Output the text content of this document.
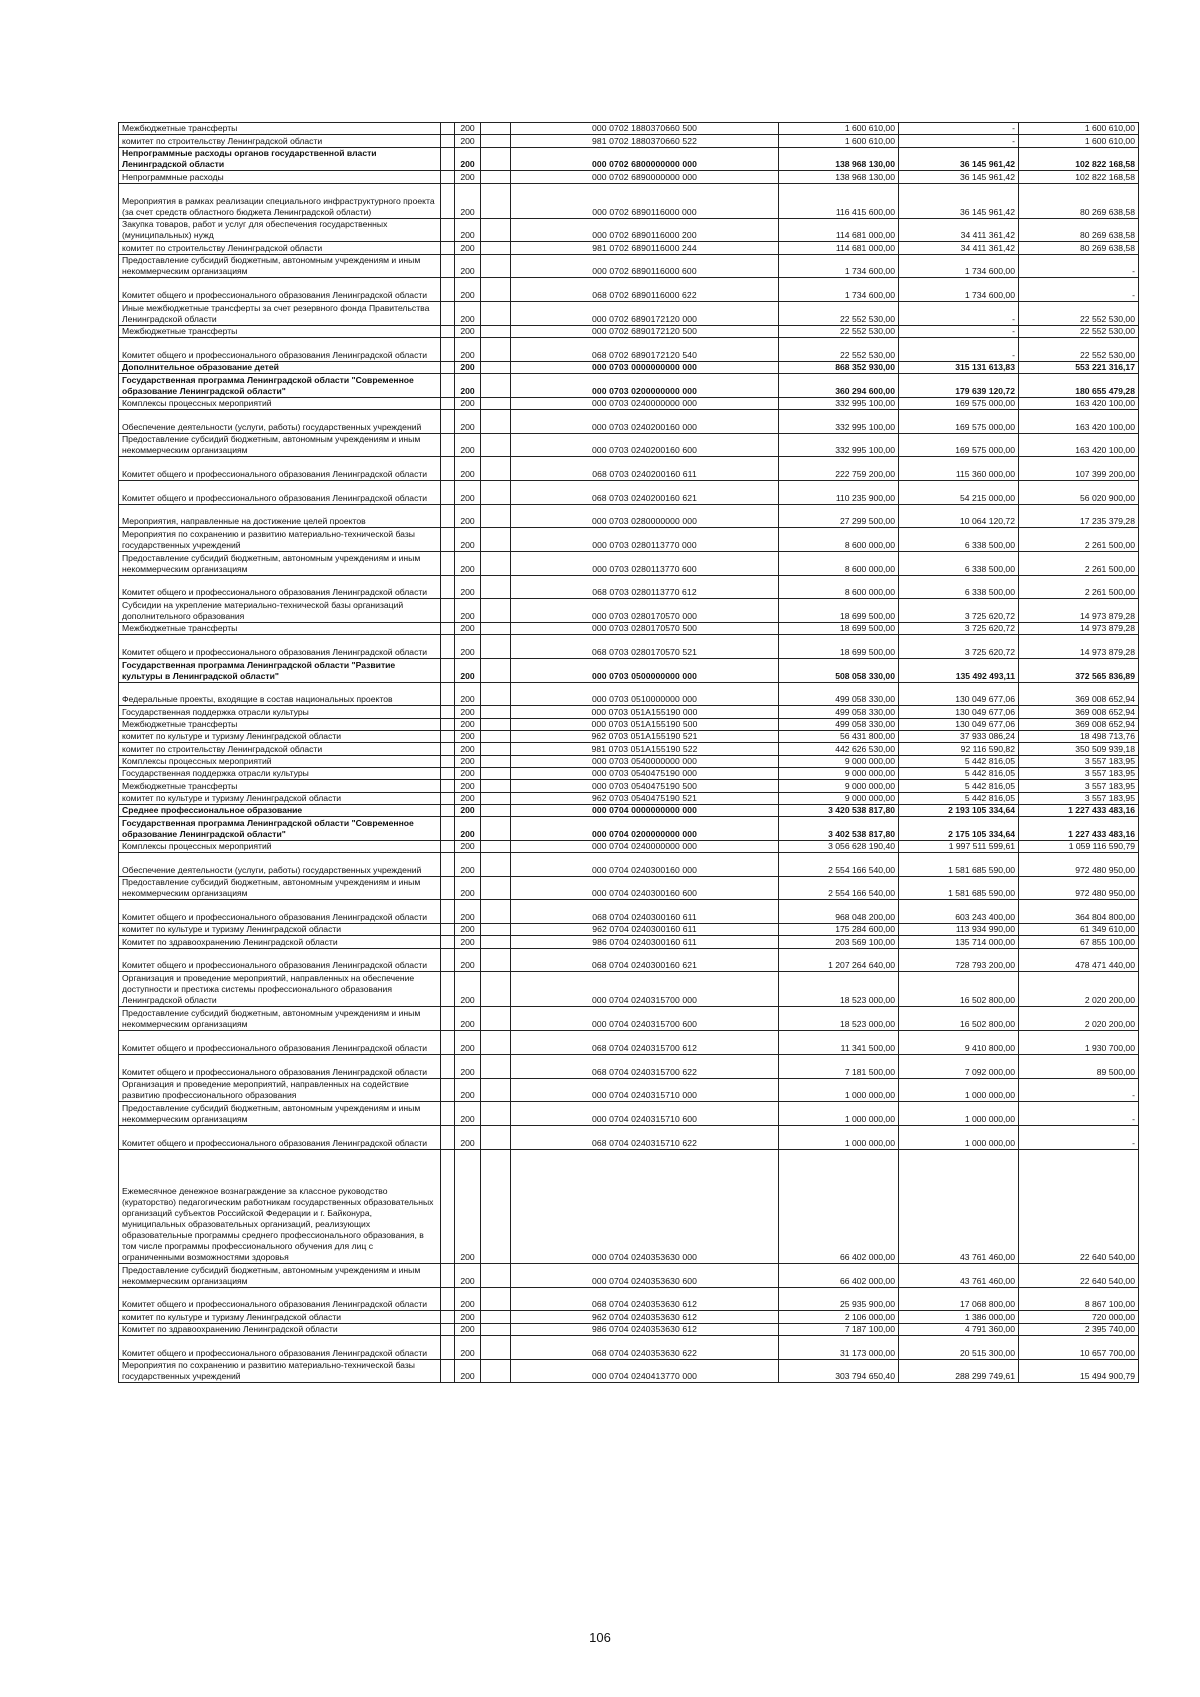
Межбюджетные трансферты		200		000 0702 1880370660 500	1 600 610,00	-	1 600 610,00
комитет по строительству Ленинградской области		200		981 0702 1880370660 522	1 600 610,00	-	1 600 610,00
Непрограммные расходы органов государственной власти Ленинградской области		200		000 0702 6800000000 000	138 968 130,00	36 145 961,42	102 822 168,58
Непрограммные расходы		200		000 0702 6890000000 000	138 968 130,00	36 145 961,42	102 822 168,58
Мероприятия в рамках реализации специального инфраструктурного проекта (за счет средств областного бюджета Ленинградской области)		200		000 0702 6890116000 000	116 415 600,00	36 145 961,42	80 269 638,58
Закупка товаров, работ и услуг для обеспечения государственных (муниципальных) нужд		200		000 0702 6890116000 200	114 681 000,00	34 411 361,42	80 269 638,58
комитет по строительству Ленинградской области		200		981 0702 6890116000 244	114 681 000,00	34 411 361,42	80 269 638,58
Предоставление субсидий бюджетным, автономным учреждениям и иным некоммерческим организациям		200		000 0702 6890116000 600	1 734 600,00	1 734 600,00	-
Комитет общего и профессионального образования Ленинградской области		200		068 0702 6890116000 622	1 734 600,00	1 734 600,00	-
Иные межбюджетные трансферты за счет резервного фонда Правительства Ленинградской области		200		000 0702 6890172120 000	22 552 530,00	-	22 552 530,00
Межбюджетные трансферты		200		000 0702 6890172120 500	22 552 530,00	-	22 552 530,00
Комитет общего и профессионального образования Ленинградской области		200		068 0702 6890172120 540	22 552 530,00	-	22 552 530,00
Дополнительное образование детей		200		000 0703 0000000000 000	868 352 930,00	315 131 613,83	553 221 316,17
Государственная программа Ленинградской области "Современное образование Ленинградской области"		200		000 0703 0200000000 000	360 294 600,00	179 639 120,72	180 655 479,28
Комплексы процессных мероприятий		200		000 0703 0240000000 000	332 995 100,00	169 575 000,00	163 420 100,00
Обеспечение деятельности (услуги, работы) государственных учреждений		200		000 0703 0240200160 000	332 995 100,00	169 575 000,00	163 420 100,00
Предоставление субсидий бюджетным, автономным учреждениям и иным некоммерческим организациям		200		000 0703 0240200160 600	332 995 100,00	169 575 000,00	163 420 100,00
Комитет общего и профессионального образования Ленинградской области		200		068 0703 0240200160 611	222 759 200,00	115 360 000,00	107 399 200,00
Комитет общего и профессионального образования Ленинградской области		200		068 0703 0240200160 621	110 235 900,00	54 215 000,00	56 020 900,00
Мероприятия, направленные на достижение целей проектов		200		000 0703 0280000000 000	27 299 500,00	10 064 120,72	17 235 379,28
Мероприятия по сохранению и развитию материально-технической базы государственных учреждений		200		000 0703 0280113770 000	8 600 000,00	6 338 500,00	2 261 500,00
Предоставление субсидий бюджетным, автономным учреждениям и иным некоммерческим организациям		200		000 0703 0280113770 600	8 600 000,00	6 338 500,00	2 261 500,00
Комитет общего и профессионального образования Ленинградской области		200		068 0703 0280113770 612	8 600 000,00	6 338 500,00	2 261 500,00
Субсидии на укрепление материально-технической базы организаций дополнительного образования		200		000 0703 0280170570 000	18 699 500,00	3 725 620,72	14 973 879,28
Межбюджетные трансферты		200		000 0703 0280170570 500	18 699 500,00	3 725 620,72	14 973 879,28
Комитет общего и профессионального образования Ленинградской области		200		068 0703 0280170570 521	18 699 500,00	3 725 620,72	14 973 879,28
Государственная программа Ленинградской области "Развитие культуры в Ленинградской области"		200		000 0703 0500000000 000	508 058 330,00	135 492 493,11	372 565 836,89
Федеральные проекты, входящие в состав национальных проектов		200		000 0703 0510000000 000	499 058 330,00	130 049 677,06	369 008 652,94
Государственная поддержка отрасли культуры		200		000 0703 051A155190 000	499 058 330,00	130 049 677,06	369 008 652,94
Межбюджетные трансферты		200		000 0703 051A155190 500	499 058 330,00	130 049 677,06	369 008 652,94
комитет по культуре и туризму Ленинградской области		200		962 0703 051A155190 521	56 431 800,00	37 933 086,24	18 498 713,76
комитет по строительству Ленинградской области		200		981 0703 051A155190 522	442 626 530,00	92 116 590,82	350 509 939,18
Комплексы процессных мероприятий		200		000 0703 0540000000 000	9 000 000,00	5 442 816,05	3 557 183,95
Государственная поддержка отрасли культуры		200		000 0703 0540475190 000	9 000 000,00	5 442 816,05	3 557 183,95
Межбюджетные трансферты		200		000 0703 0540475190 500	9 000 000,00	5 442 816,05	3 557 183,95
комитет по культуре и туризму Ленинградской области		200		962 0703 0540475190 521	9 000 000,00	5 442 816,05	3 557 183,95
Среднее профессиональное образование		200		000 0704 0000000000 000	3 420 538 817,80	2 193 105 334,64	1 227 433 483,16
Государственная программа Ленинградской области "Современное образование Ленинградской области"		200		000 0704 0200000000 000	3 402 538 817,80	2 175 105 334,64	1 227 433 483,16
Комплексы процессных мероприятий		200		000 0704 0240000000 000	3 056 628 190,40	1 997 511 599,61	1 059 116 590,79
Обеспечение деятельности (услуги, работы) государственных учреждений		200		000 0704 0240300160 000	2 554 166 540,00	1 581 685 590,00	972 480 950,00
Предоставление субсидий бюджетным, автономным учреждениям и иным некоммерческим организациям		200		000 0704 0240300160 600	2 554 166 540,00	1 581 685 590,00	972 480 950,00
Комитет общего и профессионального образования Ленинградской области		200		068 0704 0240300160 611	968 048 200,00	603 243 400,00	364 804 800,00
комитет по культуре и туризму Ленинградской области		200		962 0704 0240300160 611	175 284 600,00	113 934 990,00	61 349 610,00
Комитет по здравоохранению Ленинградской области		200		986 0704 0240300160 611	203 569 100,00	135 714 000,00	67 855 100,00
Комитет общего и профессионального образования Ленинградской области		200		068 0704 0240300160 621	1 207 264 640,00	728 793 200,00	478 471 440,00
Организация и проведение мероприятий, направленных на обеспечение доступности и престижа системы профессионального образования Ленинградской области		200		000 0704 0240315700 000	18 523 000,00	16 502 800,00	2 020 200,00
Предоставление субсидий бюджетным, автономным учреждениям и иным некоммерческим организациям		200		000 0704 0240315700 600	18 523 000,00	16 502 800,00	2 020 200,00
Комитет общего и профессионального образования Ленинградской области		200		068 0704 0240315700 612	11 341 500,00	9 410 800,00	1 930 700,00
Комитет общего и профессионального образования Ленинградской области		200		068 0704 0240315700 622	7 181 500,00	7 092 000,00	89 500,00
Организация и проведение мероприятий, направленных на содействие развитию профессионального образования		200		000 0704 0240315710 000	1 000 000,00	1 000 000,00	-
Предоставление субсидий бюджетным, автономным учреждениям и иным некоммерческим организациям		200		000 0704 0240315710 600	1 000 000,00	1 000 000,00	-
Комитет общего и профессионального образования Ленинградской области		200		068 0704 0240315710 622	1 000 000,00	1 000 000,00	-
Ежемесячное денежное вознаграждение за классное руководство (кураторство) педагогическим работникам государственных образовательных организаций субъектов Российской Федерации и г. Байконура, муниципальных образовательных организаций, реализующих образовательные программы среднего профессионального образования, в том числе программы профессионального обучения для лиц с ограниченными возможностями здоровья		200		000 0704 0240353630 000	66 402 000,00	43 761 460,00	22 640 540,00
Предоставление субсидий бюджетным, автономным учреждениям и иным некоммерческим организациям		200		000 0704 0240353630 600	66 402 000,00	43 761 460,00	22 640 540,00
Комитет общего и профессионального образования Ленинградской области		200		068 0704 0240353630 612	25 935 900,00	17 068 800,00	8 867 100,00
комитет по культуре и туризму Ленинградской области		200		962 0704 0240353630 612	2 106 000,00	1 386 000,00	720 000,00
Комитет по здравоохранению Ленинградской области		200		986 0704 0240353630 612	7 187 100,00	4 791 360,00	2 395 740,00
Комитет общего и профессионального образования Ленинградской области		200		068 0704 0240353630 622	31 173 000,00	20 515 300,00	10 657 700,00
Мероприятия по сохранению и развитию материально-технической базы государственных учреждений		200		000 0704 0240413770 000	303 794 650,40	288 299 749,61	15 494 900,79
106
